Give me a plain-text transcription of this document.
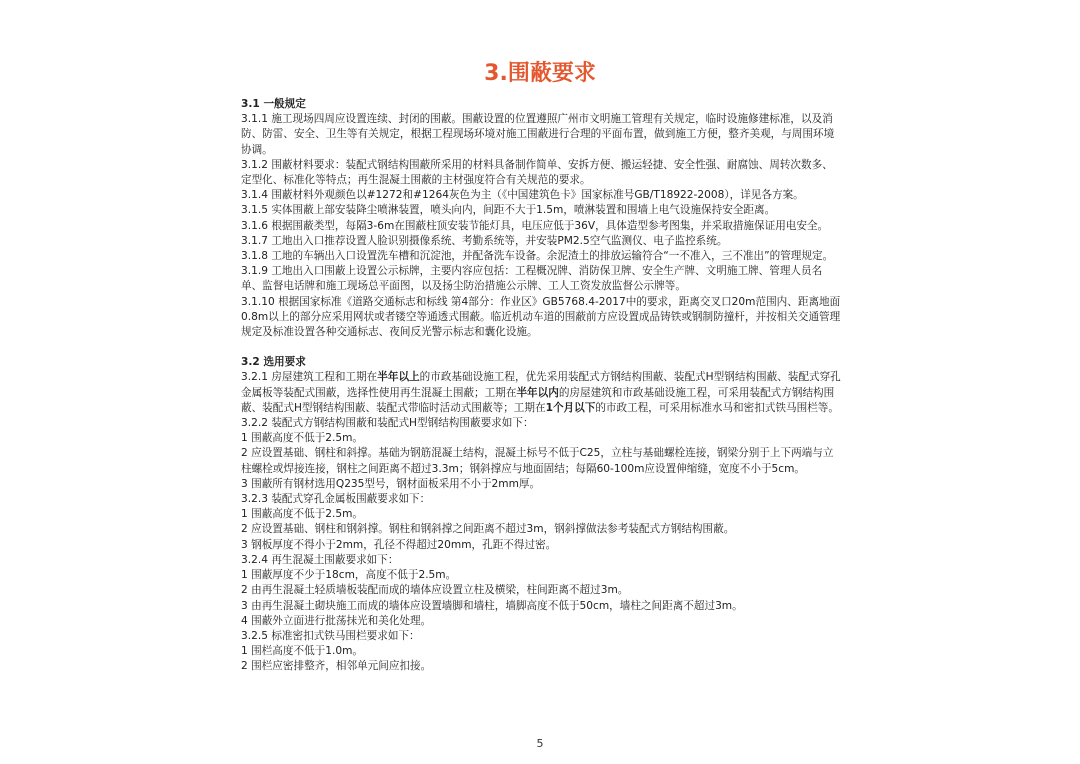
3.围蔽要求

3.1 一般规定

3.1.1 施工现场四周应设置连续、封闭的围蔽。围蔽设置的位置遵照广州市文明施工管理有关规定，临时设施修建标准，以及消防、防雷、安全、卫生等有关规定，根据工程现场环境对施工围蔽进行合理的平面布置，做到施工方便，整齐美观，与周围环境协调。

3.1.2 围蔽材料要求：装配式钢结构围蔽所采用的材料具备制作简单、安拆方便、搬运轻捷、安全性强、耐腐蚀、周转次数多、定型化、标准化等特点；再生混凝土围蔽的主材强度符合有关规范的要求。

3.1.4 围蔽材料外观颜色以#1272和#1264灰色为主（《中国建筑色卡》国家标准号GB/T18922-2008），详见各方案。

3.1.5 实体围蔽上部安装降尘喷淋装置，喷头向内，间距不大于1.5m，喷淋装置和围墙上电气设施保持安全距离。

3.1.6 根据围蔽类型，每隔3-6m在围蔽柱顶安装节能灯具，电压应低于36V，具体造型参考图集，并采取措施保证用电安全。

3.1.7 工地出入口推荐设置人脸识别摄像系统、考勤系统等，并安装PM2.5空气监测仪、电子监控系统。

3.1.8 工地的车辆出入口设置洗车槽和沉淀池，并配备洗车设备。余泥渣土的排放运输符合“一不准入，三不准出”的管理规定。

3.1.9 工地出入口围蔽上设置公示标牌，主要内容应包括：工程概况牌、消防保卫牌、安全生产牌、文明施工牌、管理人员名单、监督电话牌和施工现场总平面图，以及扬尘防治措施公示牌、工人工资发放监督公示牌等。

3.1.10 根据国家标准《道路交通标志和标线 第4部分：作业区》GB5768.4-2017中的要求，距离交叉口20m范围内、距离地面0.8m以上的部分应采用网状或者镂空等通透式围蔽。临近机动车道的围蔽前方应设置成品铸铁或钢制防撞杆，并按相关交通管理规定及标准设置各种交通标志、夜间反光警示标志和囊化设施。

3.2 选用要求

3.2.1 房屋建筑工程和工期在半年以上的市政基础设施工程，优先采用装配式方钢结构围蔽、装配式H型钢结构围蔽、装配式穿孔金属板等装配式围蔽，选择性使用再生混凝土围蔽；工期在半年以内的房屋建筑和市政基础设施工程，可采用装配式方钢结构围蔽、装配式H型钢结构围蔽、装配式带临时活动式围蔽等；工期在1个月以下的市政工程，可采用标准水马和密扣式铁马围栏等。

3.2.2 装配式方钢结构围蔽和装配式H型钢结构围蔽要求如下：

1 围蔽高度不低于2.5m。

2 应设置基础、钢柱和斜撑。基础为钢筋混凝土结构，混凝土标号不低于C25，立柱与基础螺栓连接，钢梁分别于上下两端与立柱螺栓或焊接连接，钢柱之间距离不超过3.3m；钢斜撑应与地面固结；每隔60-100m应设置伸缩缝，宽度不小于5cm。

3 围蔽所有钢材选用Q235型号，钢材面板采用不小于2mm厚。

3.2.3 装配式穿孔金属板围蔽要求如下：

1 围蔽高度不低于2.5m。

2 应设置基础、钢柱和钢斜撑。钢柱和钢斜撑之间距离不超过3m，钢斜撑做法参考装配式方钢结构围蔽。

3 钢板厚度不得小于2mm，孔径不得超过20mm，孔距不得过密。

3.2.4 再生混凝土围蔽要求如下：

1 围蔽厚度不少于18cm，高度不低于2.5m。

2 由再生混凝土轻质墙板装配而成的墙体应设置立柱及横梁，柱间距离不超过3m。

3 由再生混凝土砌块施工而成的墙体应设置墙脚和墙柱，墙脚高度不低于50cm，墙柱之间距离不超过3m。

4 围蔽外立面进行批荡抹光和美化处理。

3.2.5 标准密扣式铁马围栏要求如下：

1 围栏高度不低于1.0m。

2 围栏应密排整齐，相邻单元间应扣接。

5
